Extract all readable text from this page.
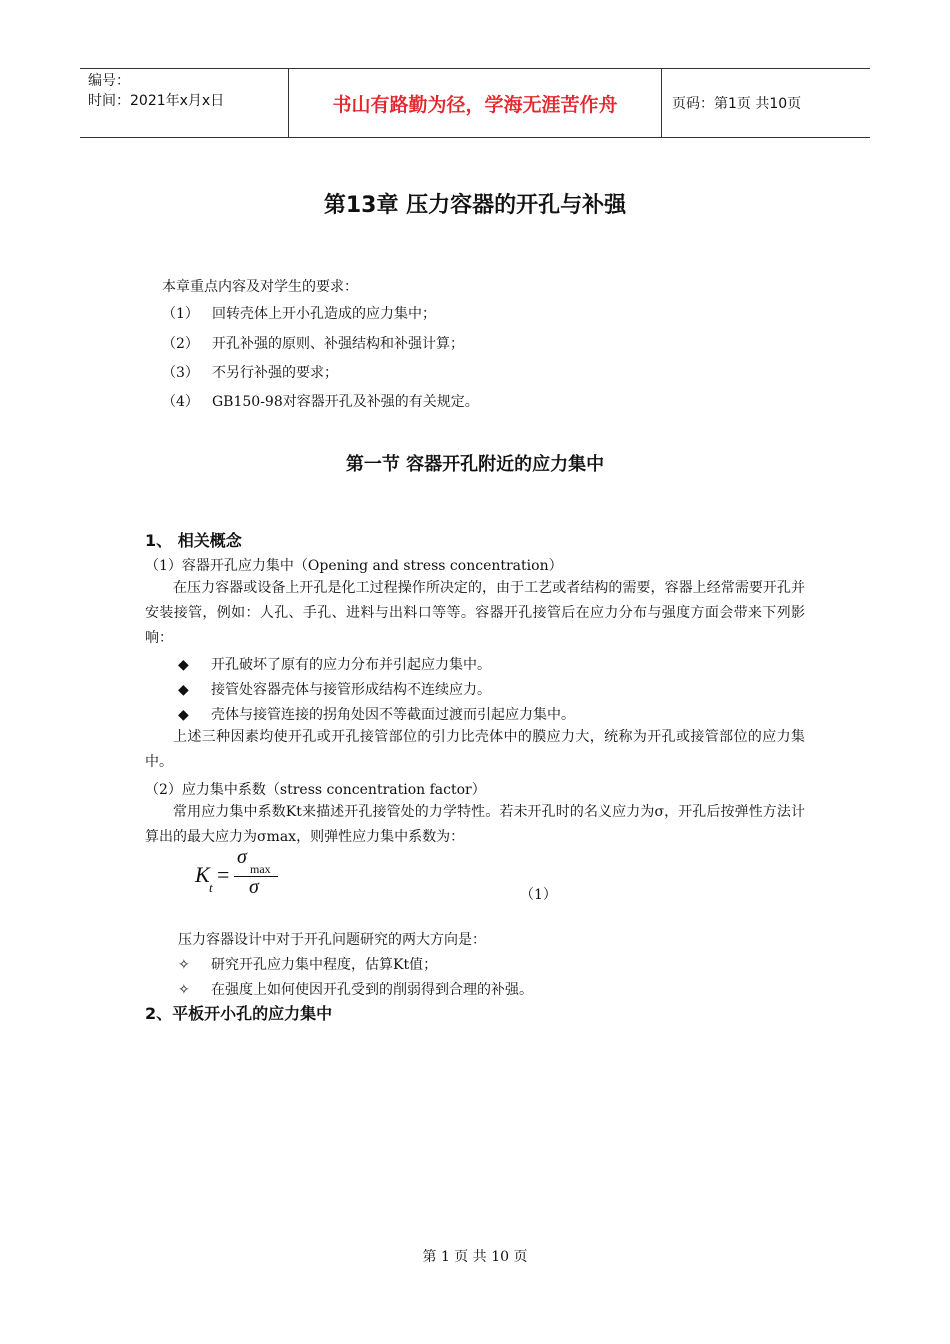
编号：
时间：2021年x月x日	书山有路勤为径，学海无涯苦作舟	页码：第1页 共10页
第13章 压力容器的开孔与补强
本章重点内容及对学生的要求：
（1） 回转壳体上开小孔造成的应力集中；
（2） 开孔补强的原则、补强结构和补强计算；
（3） 不另行补强的要求；
（4） GB150-98对容器开孔及补强的有关规定。
第一节 容器开孔附近的应力集中
1、 相关概念
（1）容器开孔应力集中（Opening and stress concentration）
在压力容器或设备上开孔是化工过程操作所决定的，由于工艺或者结构的需要，容器上经常需要开孔并安装接管，例如：人孔、手孔、进料与出料口等等。容器开孔接管后在应力分布与强度方面会带来下列影响：
◆ 开孔破坏了原有的应力分布并引起应力集中。
◆ 接管处容器壳体与接管形成结构不连续应力。
◆ 壳体与接管连接的拐角处因不等截面过渡而引起应力集中。
上述三种因素均使开孔或开孔接管部位的引力比壳体中的膜应力大，统称为开孔或接管部位的应力集中。
（2）应力集中系数（stress concentration factor）
常用应力集中系数Kt来描述开孔接管处的力学特性。若未开孔时的名义应力为σ，开孔后按弹性方法计算出的最大应力为σmax，则弹性应力集中系数为：
K
t
=
σ
max
σ	（1）
压力容器设计中对于开孔问题研究的两大方向是：
✧ 研究开孔应力集中程度，估算Kt值；
✧ 在强度上如何使因开孔受到的削弱得到合理的补强。
2、平板开小孔的应力集中
第 1 页 共 10 页
